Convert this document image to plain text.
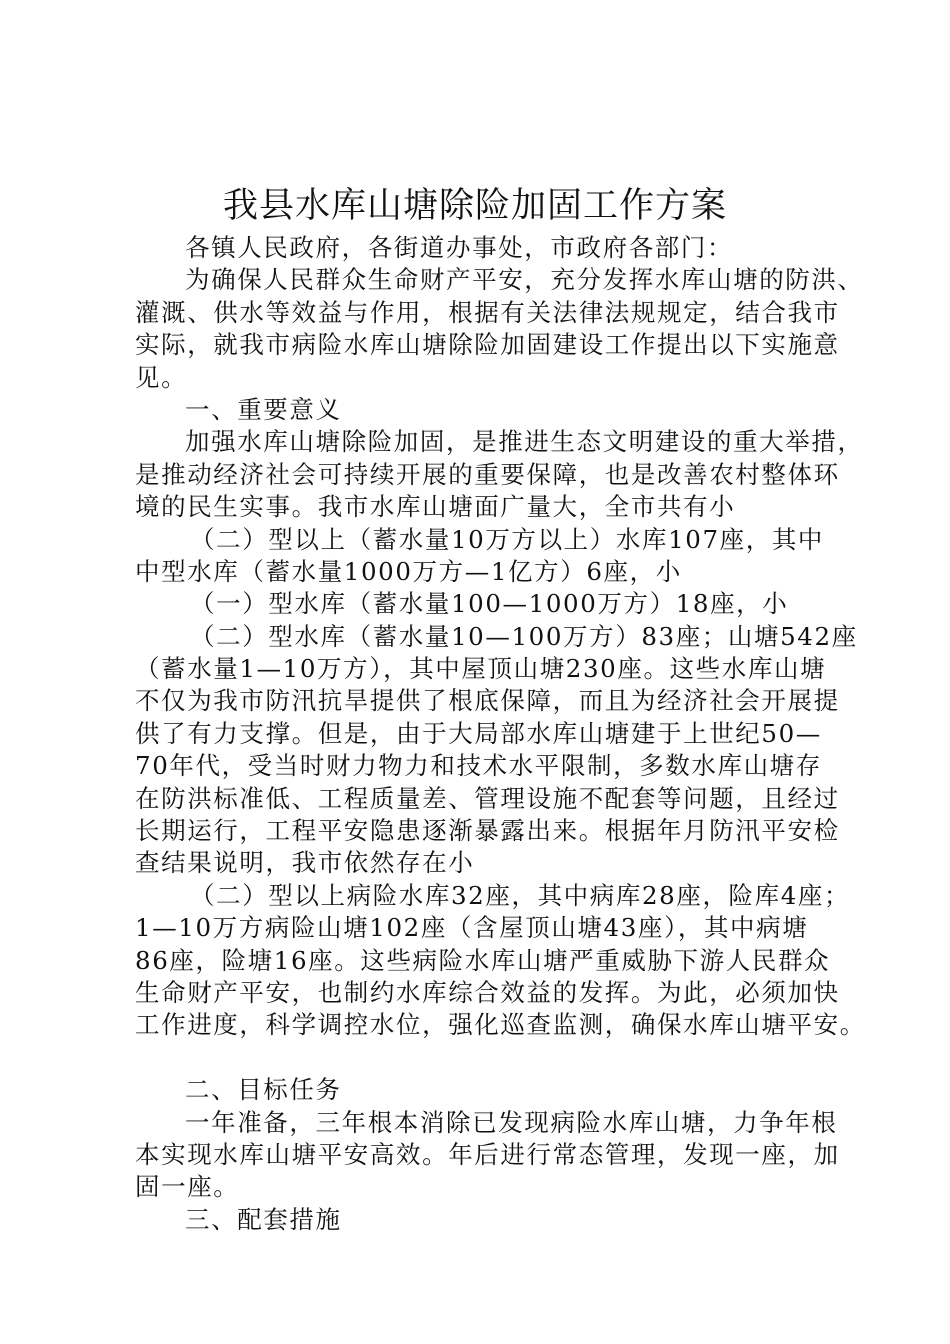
我县水库山塘除险加固工作方案
各镇人民政府，各街道办事处，市政府各部门：
为确保人民群众生命财产平安，充分发挥水库山塘的防洪、
灌溉、供水等效益与作用，根据有关法律法规规定，结合我市
实际，就我市病险水库山塘除险加固建设工作提出以下实施意
见。
一、重要意义
加强水库山塘除险加固，是推进生态文明建设的重大举措，
是推动经济社会可持续开展的重要保障，也是改善农村整体环
境的民生实事。我市水库山塘面广量大，全市共有小
（二）型以上（蓄水量10万方以上）水库107座，其中
中型水库（蓄水量1000万方—1亿方）6座，小
（一）型水库（蓄水量100—1000万方）18座，小
（二）型水库（蓄水量10—100万方）83座；山塘542座
（蓄水量1—10万方），其中屋顶山塘230座。这些水库山塘
不仅为我市防汛抗旱提供了根底保障，而且为经济社会开展提
供了有力支撑。但是，由于大局部水库山塘建于上世纪50—
70年代，受当时财力物力和技术水平限制，多数水库山塘存
在防洪标准低、工程质量差、管理设施不配套等问题，且经过
长期运行，工程平安隐患逐渐暴露出来。根据年月防汛平安检
查结果说明，我市依然存在小
（二）型以上病险水库32座，其中病库28座，险库4座；
1—10万方病险山塘102座（含屋顶山塘43座），其中病塘
86座，险塘16座。这些病险水库山塘严重威胁下游人民群众
生命财产平安，也制约水库综合效益的发挥。为此，必须加快
工作进度，科学调控水位，强化巡查监测，确保水库山塘平安。
二、目标任务
一年准备，三年根本消除已发现病险水库山塘，力争年根
本实现水库山塘平安高效。年后进行常态管理，发现一座，加
固一座。
三、配套措施
